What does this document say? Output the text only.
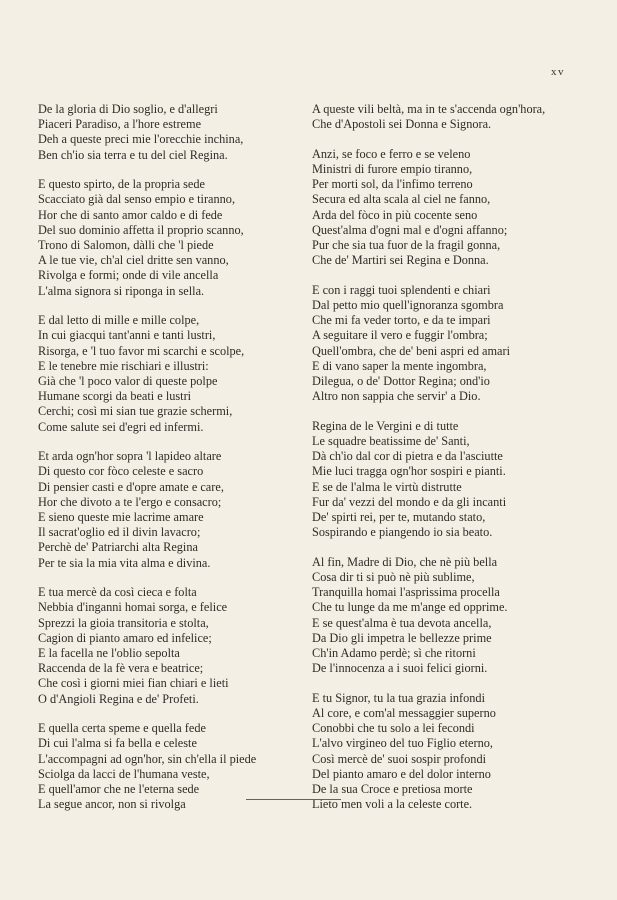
xv
De la gloria di Dio soglio, e d'allegri
Piaceri Paradiso, a l'hore estreme
Deh a queste preci mie l'orecchie inchina,
Ben ch'io sia terra e tu del ciel Regina.
E questo spirto, de la propria sede
Scacciato già dal senso empio e tiranno,
Hor che di santo amor caldo e di fede
Del suo dominio affetta il proprio scanno,
Trono di Salomon, dàlli che 'l piede
A le tue vie, ch'al ciel dritte sen vanno,
Rivolga e formi; onde di vile ancella
L'alma signora si riponga in sella.
E dal letto di mille e mille colpe,
In cui giacqui tant'anni e tanti lustri,
Risorga, e 'l tuo favor mi scarchi e scolpe,
E le tenebre mie rischiari e illustri:
Già che 'l poco valor di queste polpe
Humane scorgi da beati e lustri
Cerchi; così mi sian tue grazie schermi,
Come salute sei d'egri ed infermi.
Et arda ogn'hor sopra 'l lapideo altare
Di questo cor fòco celeste e sacro
Di pensier casti e d'opre amate e care,
Hor che divoto a te l'ergo e consacro;
E sieno queste mie lacrime amare
Il sacrat'oglio ed il divin lavacro;
Perchè de' Patriarchi alta Regina
Per te sia la mia vita alma e divina.
E tua mercè da così cieca e folta
Nebbia d'inganni homai sorga, e felice
Sprezzi la gioia transitoria e stolta,
Cagion di pianto amaro ed infelice;
E la facella ne l'oblio sepolta
Raccenda de la fè vera e beatrice;
Che così i giorni miei fian chiari e lieti
O d'Angioli Regina e de' Profeti.
E quella certa speme e quella fede
Di cui l'alma si fa bella e celeste
L'accompagni ad ogn'hor, sin ch'ella il piede
Sciolga da lacci de l'humana veste,
E quell'amor che ne l'eterna sede
La segue ancor, non si rivolga
A queste vili beltà, ma in te s'accenda ogn'hora,
Che d'Apostoli sei Donna e Signora.
Anzi, se foco e ferro e se veleno
Ministri di furore empio tiranno,
Per morti sol, da l'infimo terreno
Secura ed alta scala al ciel ne fanno,
Arda del fòco in più cocente seno
Quest'alma d'ogni mal e d'ogni affanno;
Pur che sia tua fuor de la fragil gonna,
Che de' Martiri sei Regina e Donna.
E con i raggi tuoi splendenti e chiari
Dal petto mio quell'ignoranza sgombra
Che mi fa veder torto, e da te impari
A seguitare il vero e fuggir l'ombra;
Quell'ombra, che de' beni aspri ed amari
E di vano saper la mente ingombra,
Dilegua, o de' Dottor Regina; ond'io
Altro non sappia che servir' a Dio.
Regina de le Vergini e di tutte
Le squadre beatissime de' Santi,
Dà ch'io dal cor di pietra e da l'asciutte
Mie luci tragga ogn'hor sospiri e pianti.
E se de l'alma le virtù distrutte
Fur da' vezzi del mondo e da gli incanti
De' spirti rei, per te, mutando stato,
Sospirando e piangendo io sia beato.
Al fin, Madre di Dio, che nè più bella
Cosa dir ti si può nè più sublime,
Tranquilla homai l'asprissima procella
Che tu lunge da me m'ange ed opprime.
E se quest'alma è tua devota ancella,
Da Dio gli impetra le bellezze prime
Ch'in Adamo perdè; sì che ritorni
De l'innocenza a i suoi felici giorni.
E tu Signor, tu la tua grazia infondi
Al core, e com'al messaggier superno
Conobbi che tu solo a lei fecondi
L'alvo virgineo del tuo Figlio eterno,
Così mercè de' suoi sospir profondi
Del pianto amaro e del dolor interno
De la sua Croce e pretiosa morte
Lieto men voli a la celeste corte.
